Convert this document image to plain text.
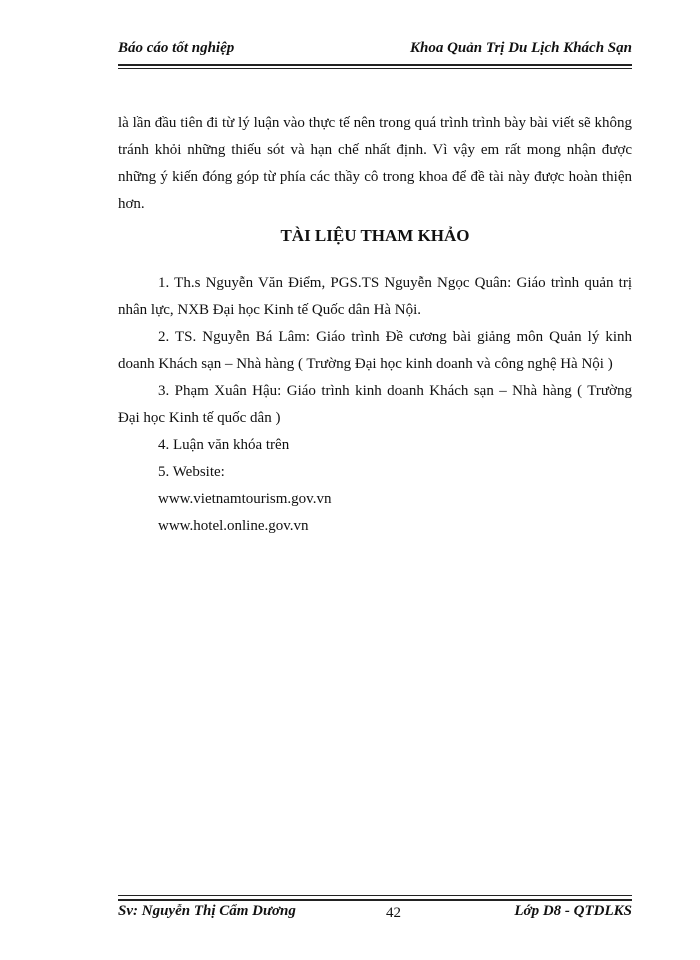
Báo cáo tốt nghiệp	Khoa Quản Trị Du Lịch Khách Sạn
là lần đầu tiên đi từ lý luận vào thực tế nên trong quá trình trình bày bài viết sẽ không tránh khỏi những thiếu sót và hạn chế nhất định. Vì vậy em rất mong nhận được những ý kiến đóng góp từ phía các thầy cô trong khoa để đề tài này được hoàn thiện hơn.
TÀI LIỆU THAM KHẢO
1. Th.s Nguyễn Văn Điểm, PGS.TS Nguyễn Ngọc Quân: Giáo trình quản trị nhân lực, NXB Đại học Kinh tế Quốc dân Hà Nội.
2. TS. Nguyễn Bá Lâm: Giáo trình Đề cương bài giảng môn Quản lý kinh doanh Khách sạn – Nhà hàng ( Trường Đại học kinh doanh và công nghệ Hà Nội )
3. Phạm Xuân Hậu: Giáo trình kinh doanh Khách sạn – Nhà hàng ( Trường Đại học Kinh tế quốc dân )
4. Luận văn khóa trên
5. Website:
www.vietnamtourism.gov.vn
www.hotel.online.gov.vn
Sv: Nguyễn Thị Cẩm Dương	42	Lớp D8 - QTDLKS
